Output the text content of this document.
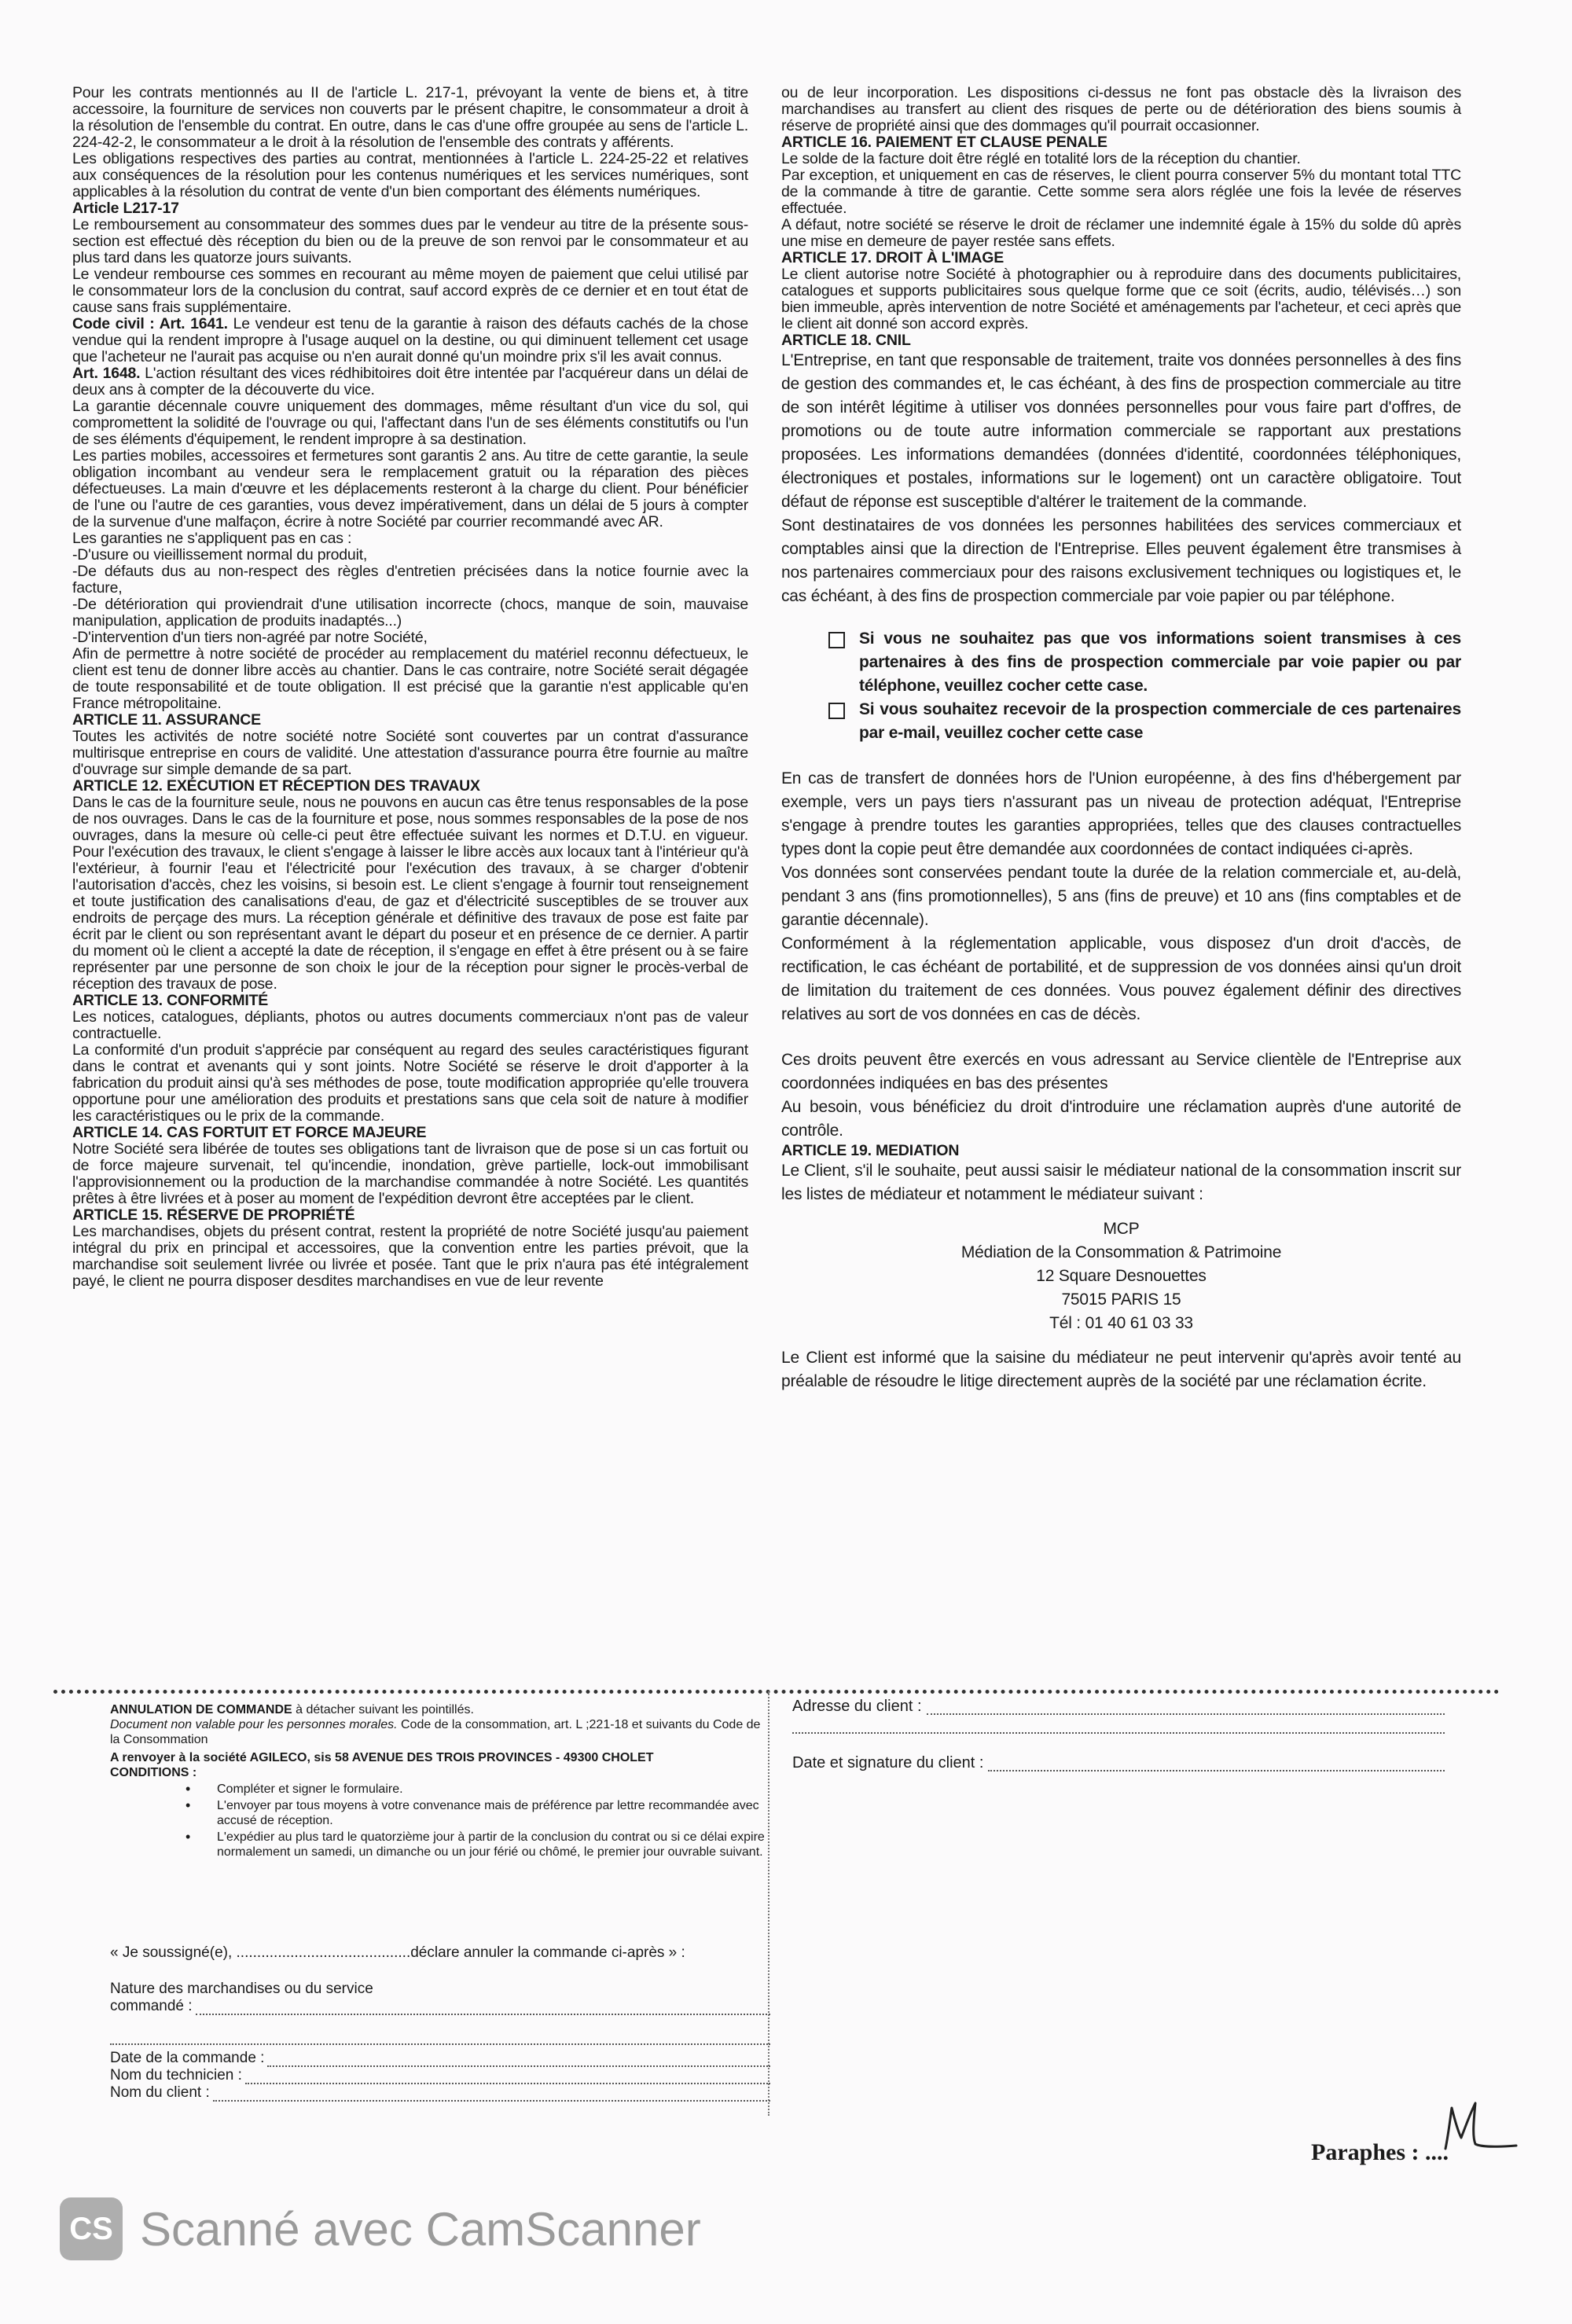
Pour les contrats mentionnés au II de l'article L. 217-1, prévoyant la vente de biens et, à titre accessoire, la fourniture de services non couverts par le présent chapitre, le consommateur a droit à la résolution de l'ensemble du contrat. En outre, dans le cas d'une offre groupée au sens de l'article L. 224-42-2, le consommateur a le droit à la résolution de l'ensemble des contrats y afférents.

Les obligations respectives des parties au contrat, mentionnées à l'article L. 224-25-22 et relatives aux conséquences de la résolution pour les contenus numériques et les services numériques, sont applicables à la résolution du contrat de vente d'un bien comportant des éléments numériques.

Article L217-17

Le remboursement au consommateur des sommes dues par le vendeur au titre de la présente sous-section est effectué dès réception du bien ou de la preuve de son renvoi par le consommateur et au plus tard dans les quatorze jours suivants.

Le vendeur rembourse ces sommes en recourant au même moyen de paiement que celui utilisé par le consommateur lors de la conclusion du contrat, sauf accord exprès de ce dernier et en tout état de cause sans frais supplémentaire.

Code civil : Art. 1641. Le vendeur est tenu de la garantie à raison des défauts cachés de la chose vendue qui la rendent impropre à l'usage auquel on la destine, ou qui diminuent tellement cet usage que l'acheteur ne l'aurait pas acquise ou n'en aurait donné qu'un moindre prix s'il les avait connus.

Art. 1648. L'action résultant des vices rédhibitoires doit être intentée par l'acquéreur dans un délai de deux ans à compter de la découverte du vice.

La garantie décennale couvre uniquement des dommages, même résultant d'un vice du sol, qui compromettent la solidité de l'ouvrage ou qui, l'affectant dans l'un de ses éléments constitutifs ou l'un de ses éléments d'équipement, le rendent impropre à sa destination.

Les parties mobiles, accessoires et fermetures sont garantis 2 ans. Au titre de cette garantie, la seule obligation incombant au vendeur sera le remplacement gratuit ou la réparation des pièces défectueuses. La main d'œuvre et les déplacements resteront à la charge du client. Pour bénéficier de l'une ou l'autre de ces garanties, vous devez impérativement, dans un délai de 5 jours à compter de la survenue d'une malfaçon, écrire à notre Société par courrier recommandé avec AR.

Les garanties ne s'appliquent pas en cas :

-D'usure ou vieillissement normal du produit,

-De défauts dus au non-respect des règles d'entretien précisées dans la notice fournie avec la facture,

-De détérioration qui proviendrait d'une utilisation incorrecte (chocs, manque de soin, mauvaise manipulation, application de produits inadaptés...)

-D'intervention d'un tiers non-agréé par notre Société,

Afin de permettre à notre société de procéder au remplacement du matériel reconnu défectueux, le client est tenu de donner libre accès au chantier. Dans le cas contraire, notre Société serait dégagée de toute responsabilité et de toute obligation. Il est précisé que la garantie n'est applicable qu'en France métropolitaine.

ARTICLE 11. ASSURANCE

Toutes les activités de notre société notre Société sont couvertes par un contrat d'assurance multirisque entreprise en cours de validité. Une attestation d'assurance pourra être fournie au maître d'ouvrage sur simple demande de sa part.

ARTICLE 12. EXÉCUTION ET RÉCEPTION DES TRAVAUX

Dans le cas de la fourniture seule, nous ne pouvons en aucun cas être tenus responsables de la pose de nos ouvrages. Dans le cas de la fourniture et pose, nous sommes responsables de la pose de nos ouvrages, dans la mesure où celle-ci peut être effectuée suivant les normes et D.T.U. en vigueur. Pour l'exécution des travaux, le client s'engage à laisser le libre accès aux locaux tant à l'intérieur qu'à l'extérieur, à fournir l'eau et l'électricité pour l'exécution des travaux, à se charger d'obtenir l'autorisation d'accès, chez les voisins, si besoin est. Le client s'engage à fournir tout renseignement et toute justification des canalisations d'eau, de gaz et d'électricité susceptibles de se trouver aux endroits de perçage des murs. La réception générale et définitive des travaux de pose est faite par écrit par le client ou son représentant avant le départ du poseur et en présence de ce dernier. A partir du moment où le client a accepté la date de réception, il s'engage en effet à être présent ou à se faire représenter par une personne de son choix le jour de la réception pour signer le procès-verbal de réception des travaux de pose.

ARTICLE 13. CONFORMITÉ

Les notices, catalogues, dépliants, photos ou autres documents commerciaux n'ont pas de valeur contractuelle.

La conformité d'un produit s'apprécie par conséquent au regard des seules caractéristiques figurant dans le contrat et avenants qui y sont joints. Notre Société se réserve le droit d'apporter à la fabrication du produit ainsi qu'à ses méthodes de pose, toute modification appropriée qu'elle trouvera opportune pour une amélioration des produits et prestations sans que cela soit de nature à modifier les caractéristiques ou le prix de la commande.

ARTICLE 14. CAS FORTUIT ET FORCE MAJEURE

Notre Société sera libérée de toutes ses obligations tant de livraison que de pose si un cas fortuit ou de force majeure survenait, tel qu'incendie, inondation, grève partielle, lock-out immobilisant l'approvisionnement ou la production de la marchandise commandée à notre Société. Les quantités prêtes à être livrées et à poser au moment de l'expédition devront être acceptées par le client.

ARTICLE 15. RÉSERVE DE PROPRIÉTÉ

Les marchandises, objets du présent contrat, restent la propriété de notre Société jusqu'au paiement intégral du prix en principal et accessoires, que la convention entre les parties prévoit, que la marchandise soit seulement livrée ou livrée et posée. Tant que le prix n'aura pas été intégralement payé, le client ne pourra disposer desdites marchandises en vue de leur revente

ou de leur incorporation. Les dispositions ci-dessus ne font pas obstacle dès la livraison des marchandises au transfert au client des risques de perte ou de détérioration des biens soumis à réserve de propriété ainsi que des dommages qu'il pourrait occasionner.

ARTICLE 16. PAIEMENT ET CLAUSE PENALE

Le solde de la facture doit être réglé en totalité lors de la réception du chantier.

Par exception, et uniquement en cas de réserves, le client pourra conserver 5% du montant total TTC de la commande à titre de garantie. Cette somme sera alors réglée une fois la levée de réserves effectuée.

A défaut, notre société se réserve le droit de réclamer une indemnité égale à 15% du solde dû après une mise en demeure de payer restée sans effets.

ARTICLE 17. DROIT À L'IMAGE

Le client autorise notre Société à photographier ou à reproduire dans des documents publicitaires, catalogues et supports publicitaires sous quelque forme que ce soit (écrits, audio, télévisés…) son bien immeuble, après intervention de notre Société et aménagements par l'acheteur, et ceci après que le client ait donné son accord exprès.

ARTICLE 18. CNIL

L'Entreprise, en tant que responsable de traitement, traite vos données personnelles à des fins de gestion des commandes et, le cas échéant, à des fins de prospection commerciale au titre de son intérêt légitime à utiliser vos données personnelles pour vous faire part d'offres, de promotions ou de toute autre information commerciale se rapportant aux prestations proposées. Les informations demandées (données d'identité, coordonnées téléphoniques, électroniques et postales, informations sur le logement) ont un caractère obligatoire. Tout défaut de réponse est susceptible d'altérer le traitement de la commande.

Sont destinataires de vos données les personnes habilitées des services commerciaux et comptables ainsi que la direction de l'Entreprise. Elles peuvent également être transmises à nos partenaires commerciaux pour des raisons exclusivement techniques ou logistiques et, le cas échéant, à des fins de prospection commerciale par voie papier ou par téléphone.

Si vous ne souhaitez pas que vos informations soient transmises à ces partenaires à des fins de prospection commerciale par voie papier ou par téléphone, veuillez cocher cette case.
Si vous souhaitez recevoir de la prospection commerciale de ces partenaires par e-mail, veuillez cocher cette case

En cas de transfert de données hors de l'Union européenne, à des fins d'hébergement par exemple, vers un pays tiers n'assurant pas un niveau de protection adéquat, l'Entreprise s'engage à prendre toutes les garanties appropriées, telles que des clauses contractuelles types dont la copie peut être demandée aux coordonnées de contact indiquées ci-après.

Vos données sont conservées pendant toute la durée de la relation commerciale et, au-delà, pendant 3 ans (fins promotionnelles), 5 ans (fins de preuve) et 10 ans (fins comptables et de garantie décennale).

Conformément à la réglementation applicable, vous disposez d'un droit d'accès, de rectification, le cas échéant de portabilité, et de suppression de vos données ainsi qu'un droit de limitation du traitement de ces données. Vous pouvez également définir des directives relatives au sort de vos données en cas de décès.

Ces droits peuvent être exercés en vous adressant au Service clientèle de l'Entreprise aux coordonnées indiquées en bas des présentes

Au besoin, vous bénéficiez du droit d'introduire une réclamation auprès d'une autorité de contrôle.

ARTICLE 19. MEDIATION

Le Client, s'il le souhaite, peut aussi saisir le médiateur national de la consommation inscrit sur les listes de médiateur et notamment le médiateur suivant :

MCP
Médiation de la Consommation & Patrimoine
12 Square Desnouettes
75015 PARIS 15
Tél : 01 40 61 03 33

Le Client est informé que la saisine du médiateur ne peut intervenir qu'après avoir tenté au préalable de résoudre le litige directement auprès de la société par une réclamation écrite.

ANNULATION DE COMMANDE à détacher suivant les pointillés.
Document non valable pour les personnes morales. Code de la consommation, art. L ;221-18 et suivants du Code de la Consommation
A renvoyer à la société AGILECO, sis 58 AVENUE DES TROIS PROVINCES - 49300 CHOLET
CONDITIONS :
• Compléter et signer le formulaire.
• L'envoyer par tous moyens à votre convenance mais de préférence par lettre recommandée avec accusé de réception.
• L'expédier au plus tard le quatorzième jour à partir de la conclusion du contrat ou si ce délai expire normalement un samedi, un dimanche ou un jour férié ou chômé, le premier jour ouvrable suivant.
« Je soussigné(e), ..........................................déclare annuler la commande ci-après » :
Nature des marchandises ou du service
commandé :
Date de la commande :
Nom du technicien :
Nom du client :
Adresse du client :
Date et signature du client :
Paraphes : ....
CS Scanné avec CamScanner
